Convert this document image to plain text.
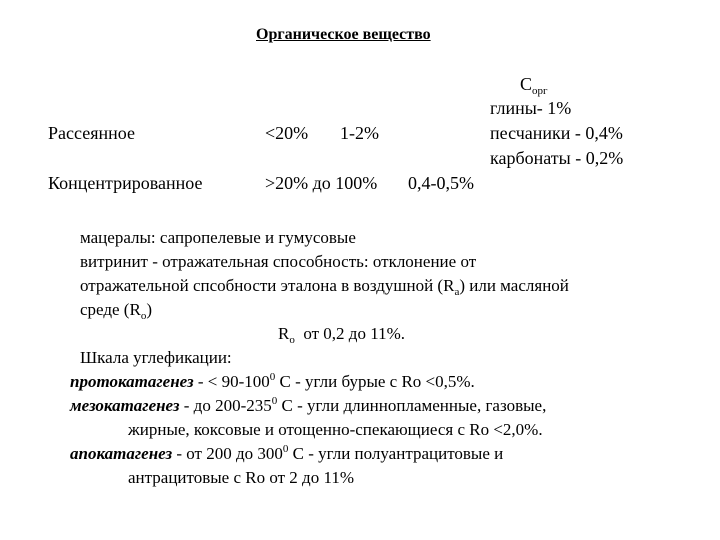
Органическое вещество
$C_{орг}$
глины- 1%
песчаники - 0,4%
карбонаты - 0,2%
Рассеянное	<20% 1-2%
Концентрированное	>20% до 100% 0,4-0,5%
мацералы: сапропелевые и гумусовые
витринит - отражательная способность: отклонение от
отражательной спсобности эталона в воздушной $(R_a)$ или масляной
среде $(R_o)$
$R_o$ от 0,2 до 11%.
Шкала углефикации:
протокатагенез - < $90-100^0$ C - угли бурые с Ro <0,5%.
мезокатагенез - до $200-235^0$ C - угли длиннопламенные, газовые,
жирные, коксовые и отощенно-спекающиеся с Ro <2,0%.
апокатагенез - от 200 до $300^0$ C - угли полуантрацитовые и
антрацитовые с Ro от 2 до 11%
